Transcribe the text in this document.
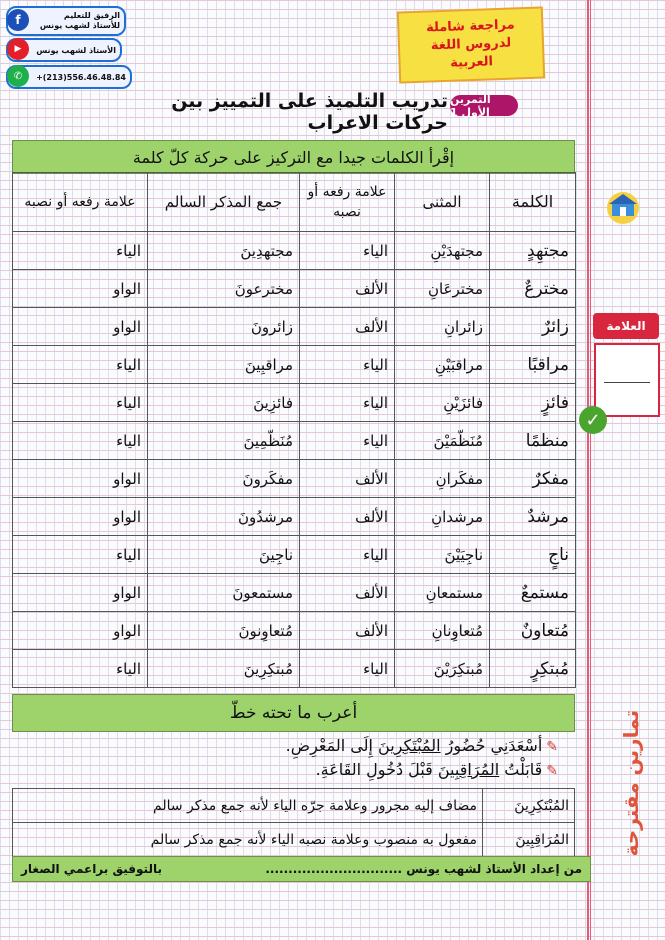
f	الرفيق للتعليم
للأستاذ لشهب يونس
▶	الأستاذ لشهب يونس
✆	+(213)556.46.48.84
مراجعة شاملة
لدروس اللغة
العربية
التمرين الأول 1
تدريب التلميذ على التمييز بين حركات الاعراب
إقْرأ الكلمات جيدا مع التركيز على حركة كلّ كلمة
الكلمة	المثنى	علامة رفعه أو نصبه	جمع المذكر السالم	علامة رفعه أو نصبه
مجتهِدٍ	مجتهدَيْنِ	الياء	مجتهدِينَ	الياء
مخترعٌ	مخترعَانِ	الألف	مخترعونَ	الواو
زائرٌ	زائرانِ	الألف	زائرونَ	الواو
مراقبًا	مراقبَيْنِ	الياء	مراقبِينَ	الياء
فائزٍ	فائزَيْنِ	الياء	فائزِينَ	الياء
منظمًا	مُنَظّمَيْنَ	الياء	مُنَظّمِينَ	الياء
مفكرٌ	مفكَرانِ	الألف	مفكَرونَ	الواو
مرشدٌ	مرشدانِ	الألف	مرشدُونَ	الواو
ناجٍ	ناجِيَيْنَ	الياء	ناجِينَ	الياء
مستمعٌ	مستمعانِ	الألف	مستمعونَ	الواو
مُتعاونٌ	مُتعاوِنانِ	الألف	مُتعاوِنونَ	الواو
مُبتكِرٍ	مُبتكِرَيْنَ	الياء	مُبتكِرِينَ	الياء
أعرب ما تحته خطّ
✎أسْعَدَنِي حُضُورُ المُبْتَكِرِينَ إِلَى المَعْرِضِ.
✎قَابَلْتُ المُرَاقِبِينَ قَبْلَ دُخُولِ القَاعَةِ.
المُبْتَكِرِينَ	مضاف إليه مجرور وعلامة جرّه الياء لأنه جمع مذكر سالم
المُرَاقِبِينَ	مفعول به منصوب وعلامة نصبه الياء لأنه جمع مذكر سالم
من إعداد الأستاذ لشهب يونس ..............................
بالتوفيق براعمي الصغار
العلامة
✓
تمارين مقترحة
